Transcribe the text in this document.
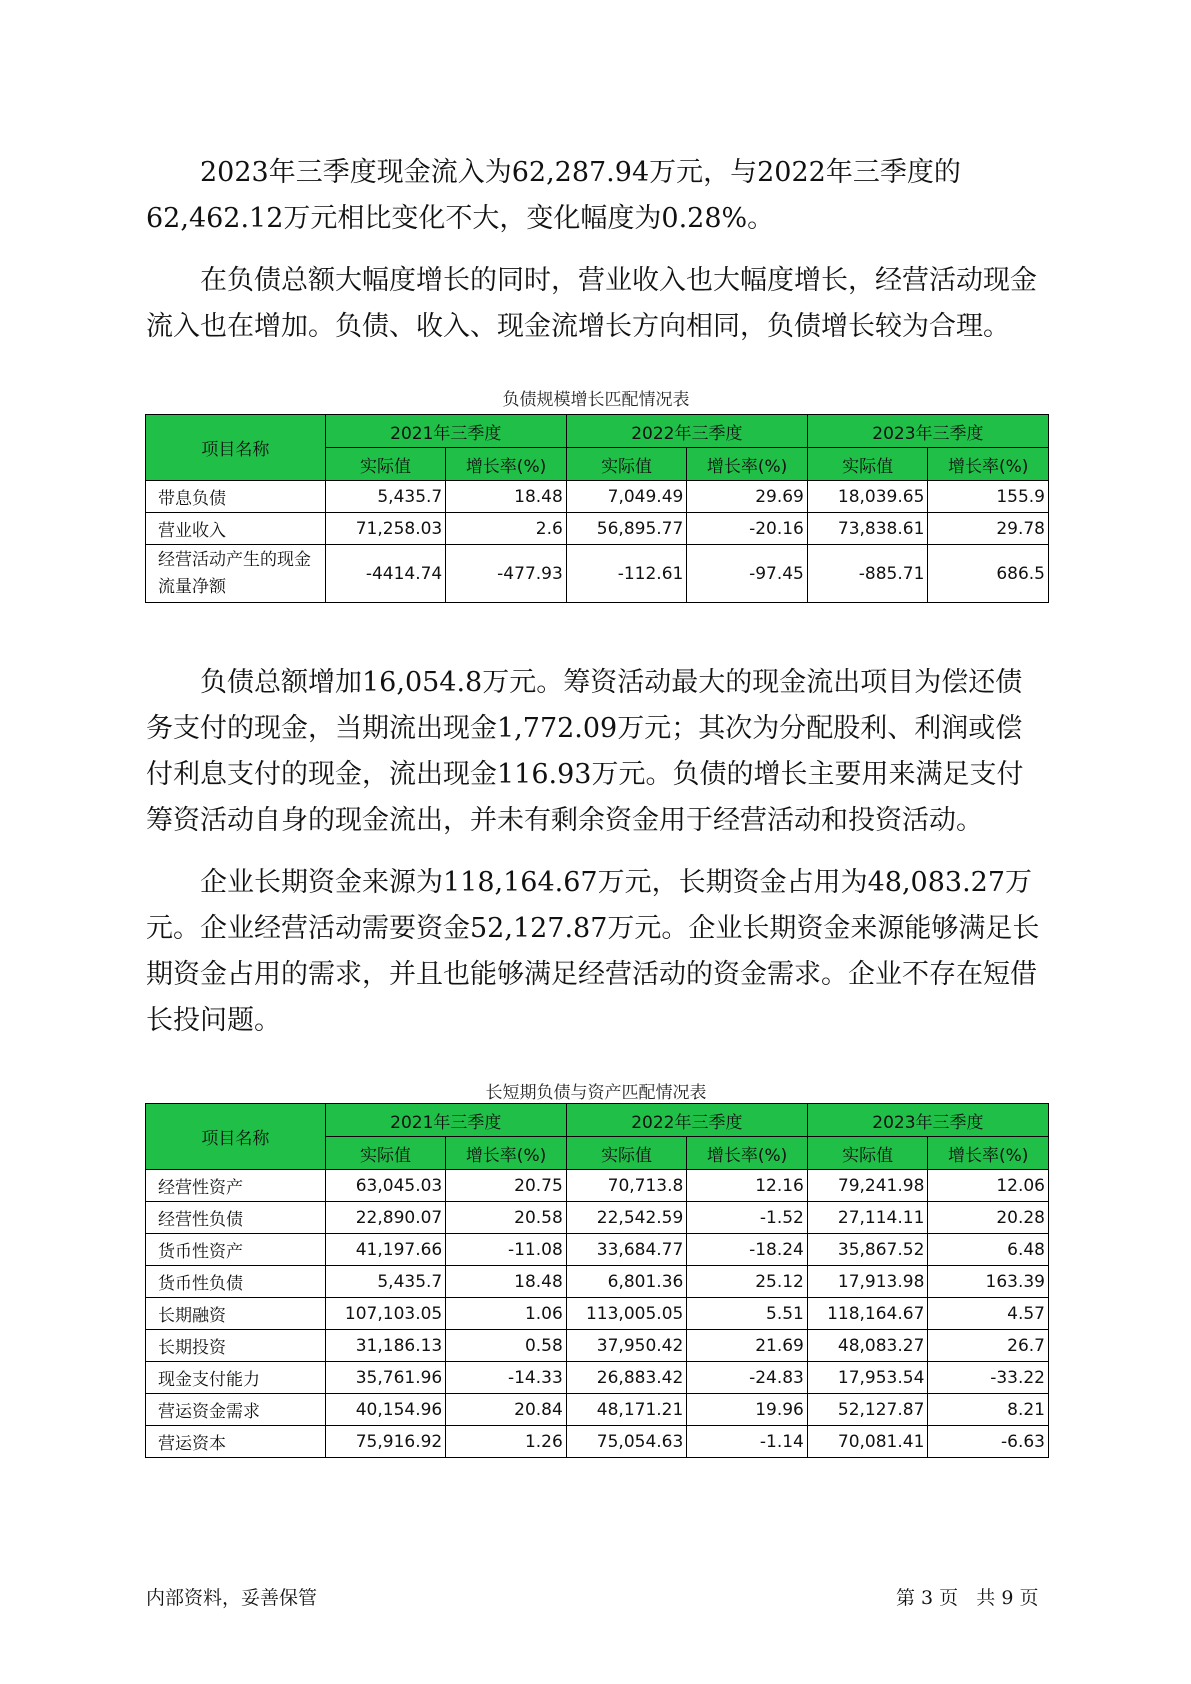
2023年三季度现金流入为62,287.94万元，与2022年三季度的62,462.12万元相比变化不大，变化幅度为0.28%。

在负债总额大幅度增长的同时，营业收入也大幅度增长，经营活动现金流入也在增加。负债、收入、现金流增长方向相同，负债增长较为合理。

负债规模增长匹配情况表
项目名称	2021年三季度		2022年三季度		2023年三季度	
	实际值	增长率(%)	实际值	增长率(%)	实际值	增长率(%)
带息负债	5,435.7	18.48	7,049.49	29.69	18,039.65	155.9
营业收入	71,258.03	2.6	56,895.77	-20.16	73,838.61	29.78
经营活动产生的现金流量净额	-4414.74	-477.93	-112.61	-97.45	-885.71	686.5

负债总额增加16,054.8万元。筹资活动最大的现金流出项目为偿还债务支付的现金，当期流出现金1,772.09万元；其次为分配股利、利润或偿付利息支付的现金，流出现金116.93万元。负债的增长主要用来满足支付筹资活动自身的现金流出，并未有剩余资金用于经营活动和投资活动。

企业长期资金来源为118,164.67万元，长期资金占用为48,083.27万元。企业经营活动需要资金52,127.87万元。企业长期资金来源能够满足长期资金占用的需求，并且也能够满足经营活动的资金需求。企业不存在短借长投问题。

长短期负债与资产匹配情况表
项目名称	2021年三季度		2022年三季度		2023年三季度	
	实际值	增长率(%)	实际值	增长率(%)	实际值	增长率(%)
经营性资产	63,045.03	20.75	70,713.8	12.16	79,241.98	12.06
经营性负债	22,890.07	20.58	22,542.59	-1.52	27,114.11	20.28
货币性资产	41,197.66	-11.08	33,684.77	-18.24	35,867.52	6.48
货币性负债	5,435.7	18.48	6,801.36	25.12	17,913.98	163.39
长期融资	107,103.05	1.06	113,005.05	5.51	118,164.67	4.57
长期投资	31,186.13	0.58	37,950.42	21.69	48,083.27	26.7
现金支付能力	35,761.96	-14.33	26,883.42	-24.83	17,953.54	-33.22
营运资金需求	40,154.96	20.84	48,171.21	19.96	52,127.87	8.21
营运资本	75,916.92	1.26	75,054.63	-1.14	70,081.41	-6.63
内部资料，妥善保管	第 3 页   共 9 页
